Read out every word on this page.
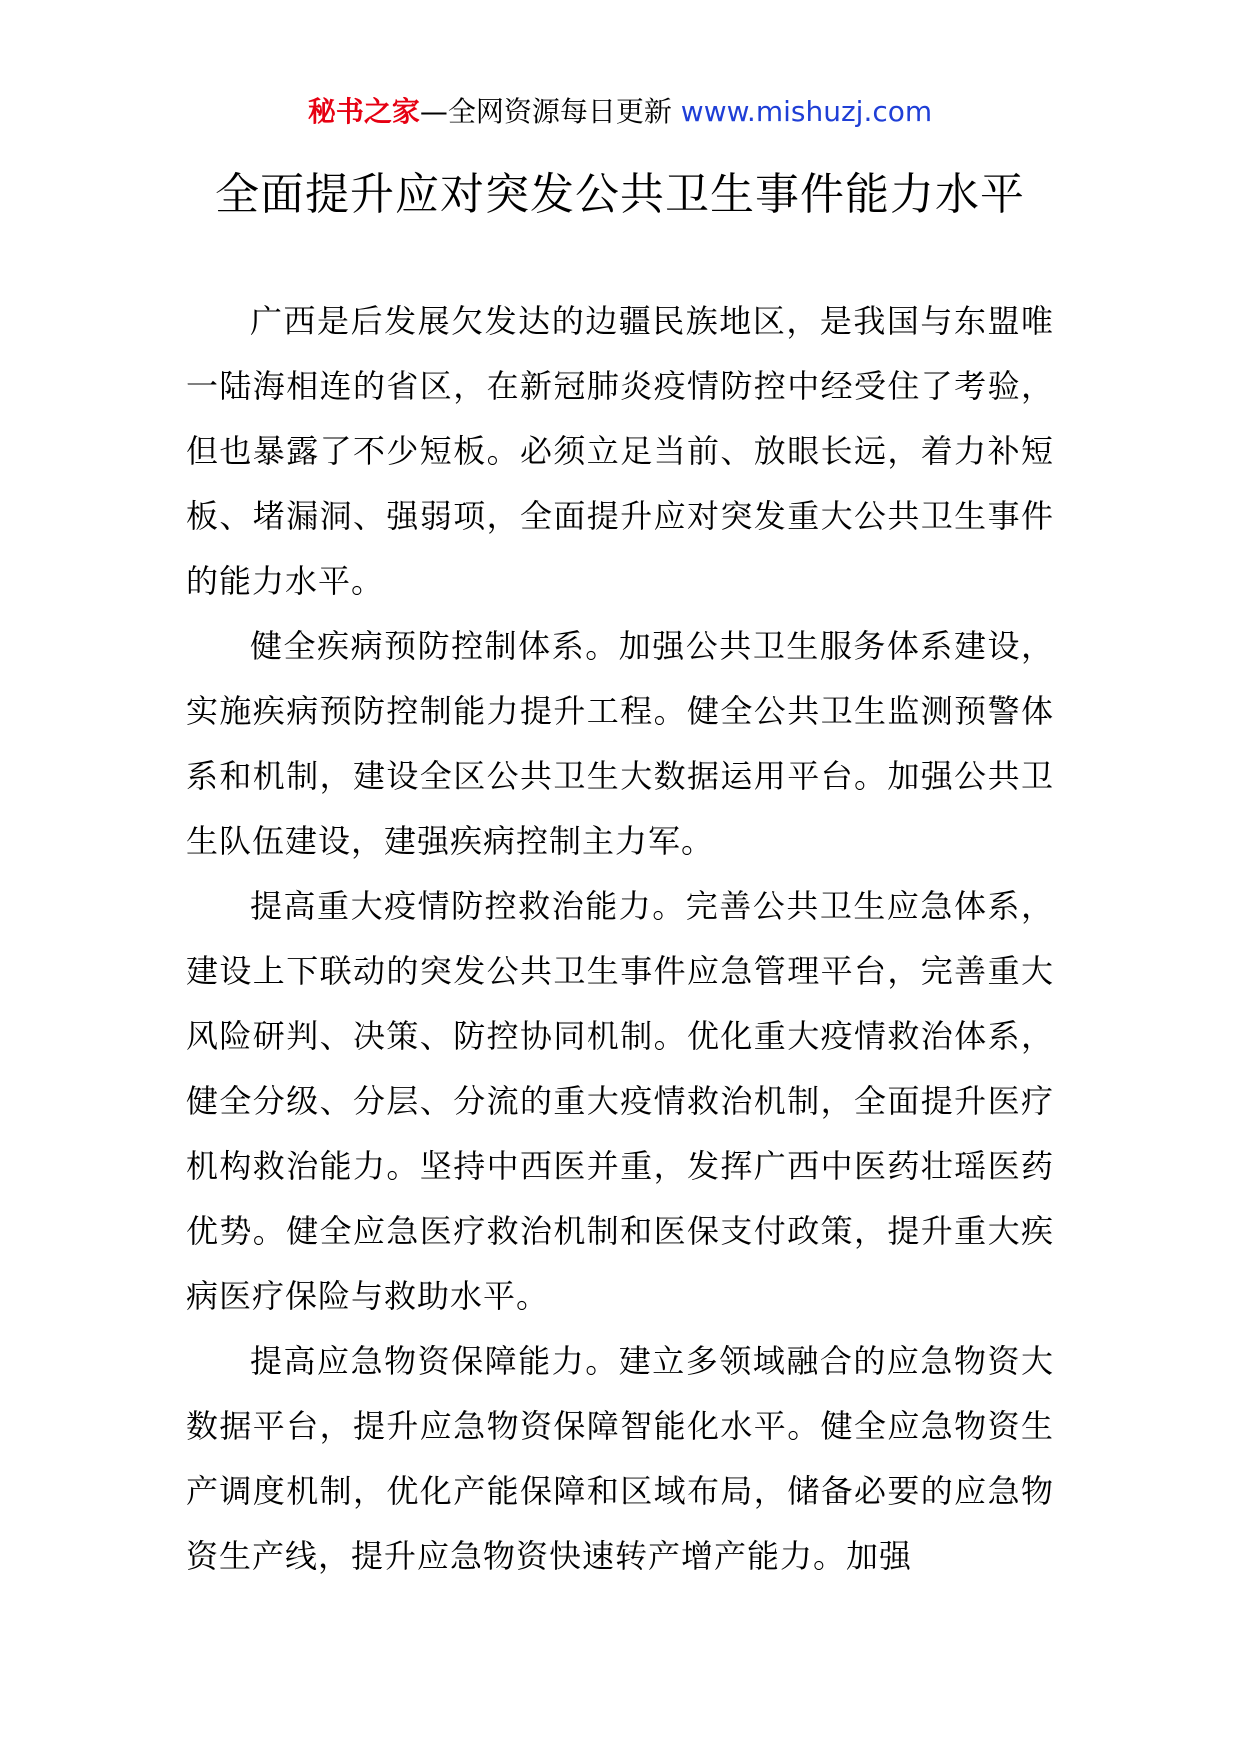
秘书之家—全网资源每日更新 www.mishuzj.com
全面提升应对突发公共卫生事件能力水平

广西是后发展欠发达的边疆民族地区，是我国与东盟唯一陆海相连的省区，在新冠肺炎疫情防控中经受住了考验，但也暴露了不少短板。必须立足当前、放眼长远，着力补短板、堵漏洞、强弱项，全面提升应对突发重大公共卫生事件的能力水平。

健全疾病预防控制体系。加强公共卫生服务体系建设，实施疾病预防控制能力提升工程。健全公共卫生监测预警体系和机制，建设全区公共卫生大数据运用平台。加强公共卫生队伍建设，建强疾病控制主力军。

提高重大疫情防控救治能力。完善公共卫生应急体系，建设上下联动的突发公共卫生事件应急管理平台，完善重大风险研判、决策、防控协同机制。优化重大疫情救治体系，健全分级、分层、分流的重大疫情救治机制，全面提升医疗机构救治能力。坚持中西医并重，发挥广西中医药壮瑶医药优势。健全应急医疗救治机制和医保支付政策，提升重大疾病医疗保险与救助水平。

提高应急物资保障能力。建立多领域融合的应急物资大数据平台，提升应急物资保障智能化水平。健全应急物资生产调度机制，优化产能保障和区域布局，储备必要的应急物资生产线，提升应急物资快速转产增产能力。加强
